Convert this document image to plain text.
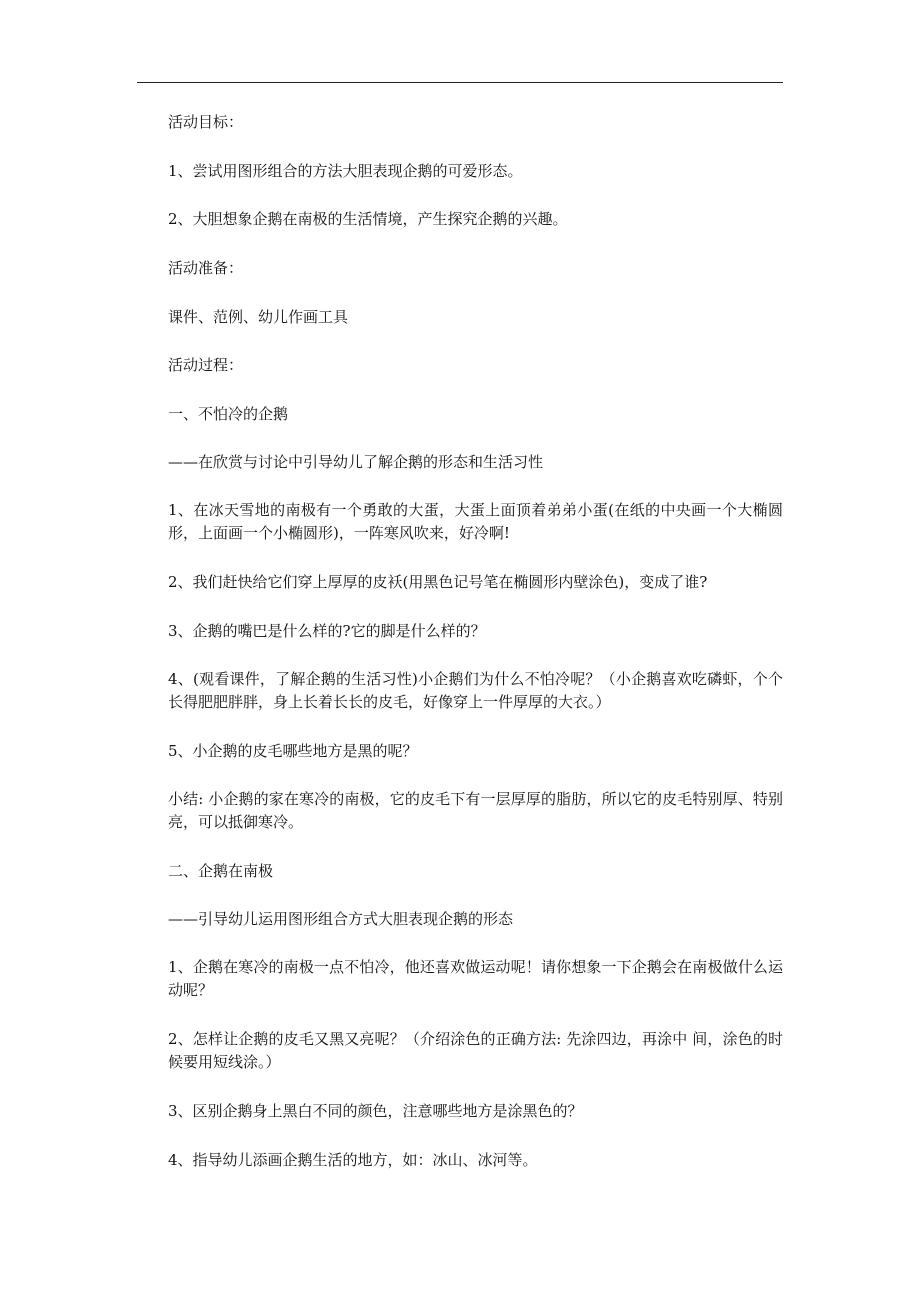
活动目标：
1、尝试用图形组合的方法大胆表现企鹅的可爱形态。
2、大胆想象企鹅在南极的生活情境，产生探究企鹅的兴趣。
活动准备：
课件、范例、幼儿作画工具
活动过程：
一、不怕冷的企鹅
——在欣赏与讨论中引导幼儿了解企鹅的形态和生活习性
1、在冰天雪地的南极有一个勇敢的大蛋，大蛋上面顶着弟弟小蛋(在纸的中央画一个大椭圆形，上面画一个小椭圆形)，一阵寒风吹来，好冷啊!
2、我们赶快给它们穿上厚厚的皮袄(用黑色记号笔在椭圆形内壁涂色)，变成了谁?
3、企鹅的嘴巴是什么样的?它的脚是什么样的？
4、(观看课件，了解企鹅的生活习性)小企鹅们为什么不怕冷呢？（小企鹅喜欢吃磷虾，个个长得肥肥胖胖，身上长着长长的皮毛，好像穿上一件厚厚的大衣。）
5、小企鹅的皮毛哪些地方是黑的呢？
小结: 小企鹅的家在寒冷的南极，它的皮毛下有一层厚厚的脂肪，所以它的皮毛特别厚、特别亮，可以抵御寒冷。
二、企鹅在南极
——引导幼儿运用图形组合方式大胆表现企鹅的形态
1、企鹅在寒冷的南极一点不怕冷，他还喜欢做运动呢！请你想象一下企鹅会在南极做什么运动呢？
2、怎样让企鹅的皮毛又黑又亮呢？（介绍涂色的正确方法: 先涂四边，再涂中 间，涂色的时候要用短线涂。）
3、区别企鹅身上黑白不同的颜色，注意哪些地方是涂黑色的？
4、指导幼儿添画企鹅生活的地方，如：冰山、冰河等。
